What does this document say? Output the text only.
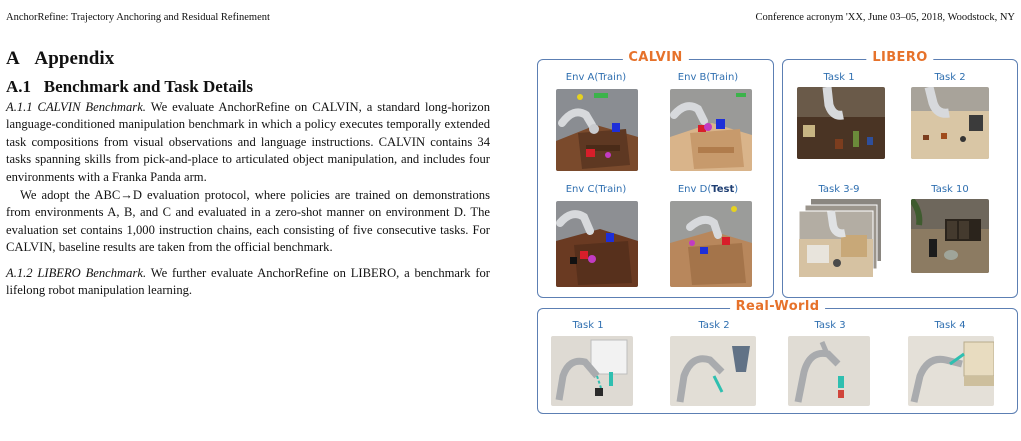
AnchorRefine: Trajectory Anchoring and Residual Refinement	Conference acronym 'XX, June 03–05, 2018, Woodstock, NY
A Appendix
A.1 Benchmark and Task Details

A.1.1 CALVIN Benchmark. We evaluate AnchorRefine on CALVIN, a standard long-horizon language-conditioned manipulation benchmark in which a policy executes temporally extended task compositions from visual observations and language instructions. CALVIN contains 34 tasks spanning skills from pick-and-place to articulated object manipulation, and includes four environments with a Franka Panda arm.

We adopt the ABC→D evaluation protocol, where policies are trained on demonstrations from environments A, B, and C and evaluated in a zero-shot manner on environment D. The evaluation set contains 1,000 instruction chains, each consisting of five consecutive tasks. For CALVIN, baseline results are taken from the official benchmark.

A.1.2 LIBERO Benchmark. We further evaluate AnchorRefine on LIBERO, a benchmark for lifelong robot manipulation learning.

CALVIN
Env A(Train)	Env B(Train)
Env C(Train)	Env D(Test)
LIBERO
Task 1	Task 2
Task 3-9	Task 10
Real-World
Task 1	Task 2	Task 3	Task 4
